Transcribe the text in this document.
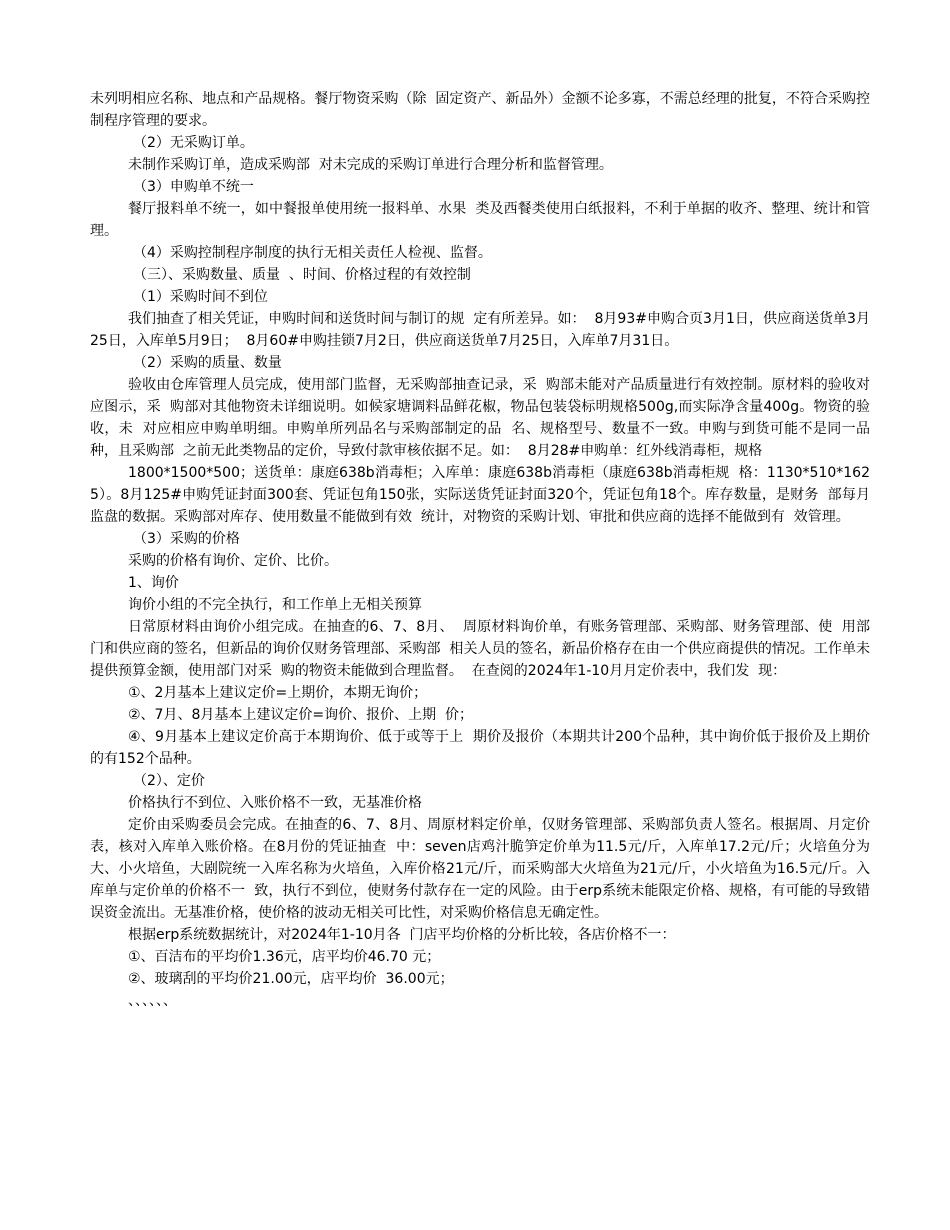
未列明相应名称、地点和产品规格。餐厅物资采购（除  固定资产、新品外）金额不论多寡，不需总经理的批复，不符合采购控  制程序管理的要求。

（2）无采购订单。

未制作采购订单，造成采购部  对未完成的采购订单进行合理分析和监督管理。

（3）申购单不统一

餐厅报料单不统一，如中餐报单使用统一报料单、水果  类及西餐类使用白纸报料，不利于单据的收齐、整理、统计和管理。

（4）采购控制程序制度的执行无相关责任人检视、监督。

（三）、采购数量、质量  、时间、价格过程的有效控制

（1）采购时间不到位

我们抽查了相关凭证，申购时间和送货时间与制订的规  定有所差异。如：  8月93#申购合页3月1日，供应商送货单3月25日，入库单5月9日；  8月60#申购挂锁7月2日，供应商送货单7月25日，入库单7月31日。

（2）采购的质量、数量

验收由仓库管理人员完成，使用部门监督，无采购部抽查记录，采  购部未能对产品质量进行有效控制。原材料的验收对应图示，采  购部对其他物资未详细说明。如候家塘调料品鲜花椒，物品包装袋标明规格500g,而实际净含量400g。物资的验收，未  对应相应申购单明细。申购单所列品名与采购部制定的品  名、规格型号、数量不一致。申购与到货可能不是同一品种，且采购部  之前无此类物品的定价，导致付款审核依据不足。如：  8月28#申购单：红外线消毒柜，规格

1800*1500*500；送货单：康庭638b消毒柜；入库单：康庭638b消毒柜（康庭638b消毒柜规  格：1130*510*1625）。8月125#申购凭证封面300套、凭证包角150张，实际送货凭证封面320个，凭证包角18个。库存数量，是财务  部每月监盘的数据。采购部对库存、使用数量不能做到有效  统计，对物资的采购计划、审批和供应商的选择不能做到有  效管理。

（3）采购的价格

采购的价格有询价、定价、比价。

1、询价

询价小组的不完全执行，和工作单上无相关预算

日常原材料由询价小组完成。在抽查的6、7、8月、  周原材料询价单，有账务管理部、采购部、财务管理部、使  用部门和供应商的签名，但新品的询价仅财务管理部、采购部  相关人员的签名，新品价格存在由一个供应商提供的情况。工作单未提供预算金额，使用部门对采  购的物资未能做到合理监督。  在查阅的2024年1-10月月定价表中，我们发  现：

①、2月基本上建议定价=上期价，本期无询价；

②、7月、8月基本上建议定价=询价、报价、上期  价；

④、9月基本上建议定价高于本期询价、低于或等于上  期价及报价（本期共计200个品种，其中询价低于报价及上期价的有152个品种。

（2）、定价

价格执行不到位、入账价格不一致，无基准价格

定价由采购委员会完成。在抽查的6、7、8月、周原材料定价单，仅财务管理部、采购部负责人签名。根据周、月定价表，核对入库单入账价格。在8月份的凭证抽查  中：seven店鸡汁脆笋定价单为11.5元/斤，入库单17.2元/斤；火培鱼分为大、小火培鱼，大剧院统一入库名称为火培鱼，入库价格21元/斤，而采购部大火培鱼为21元/斤，小火培鱼为16.5元/斤。入库单与定价单的价格不一  致，执行不到位，使财务付款存在一定的风险。由于erp系统未能限定价格、规格，有可能的导致错误资金流出。无基准价格，使价格的波动无相关可比性，对采购价格信息无确定性。

根据erp系统数据统计，对2024年1-10月各  门店平均价格的分析比较，各店价格不一：

①、百洁布的平均价1.36元，店平均价46.70 元；

②、玻璃刮的平均价21.00元，店平均价  36.00元；

、、、、、、
